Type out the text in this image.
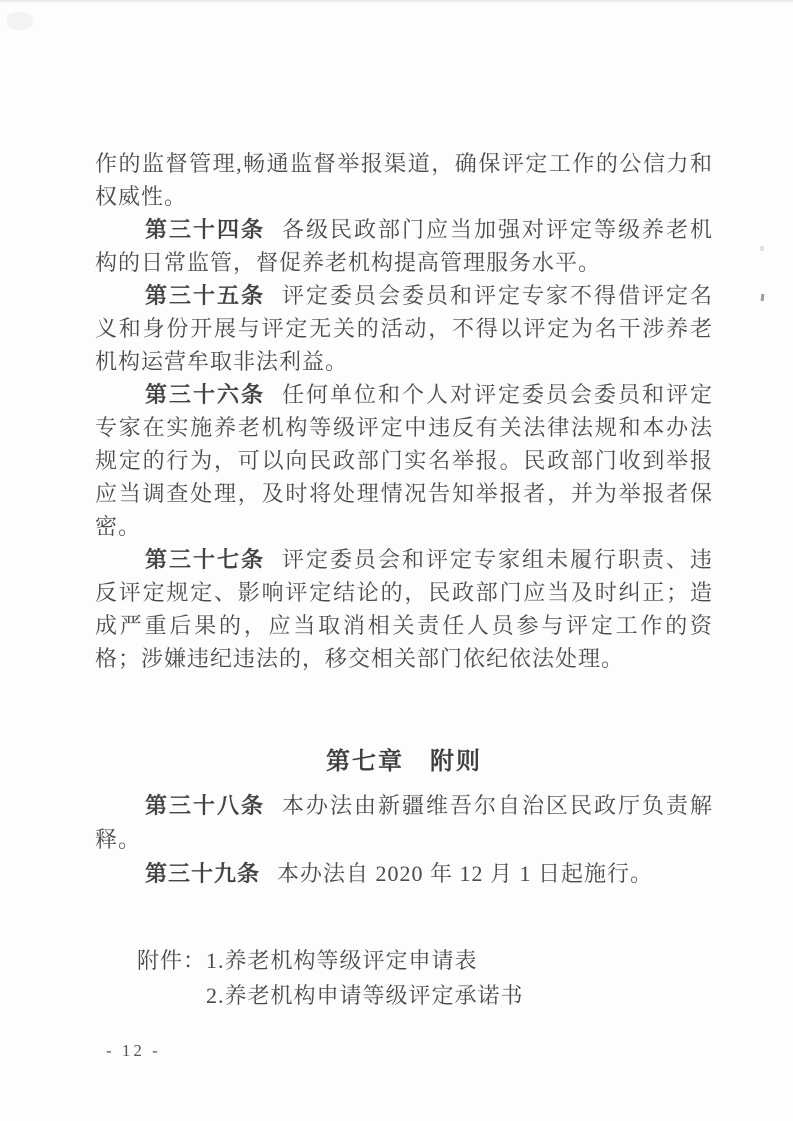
作的监督管理,畅通监督举报渠道，确保评定工作的公信力和权威性。

第三十四条 各级民政部门应当加强对评定等级养老机构的日常监管，督促养老机构提高管理服务水平。

第三十五条 评定委员会委员和评定专家不得借评定名义和身份开展与评定无关的活动，不得以评定为名干涉养老机构运营牟取非法利益。

第三十六条 任何单位和个人对评定委员会委员和评定专家在实施养老机构等级评定中违反有关法律法规和本办法规定的行为，可以向民政部门实名举报。民政部门收到举报应当调查处理，及时将处理情况告知举报者，并为举报者保密。

第三十七条 评定委员会和评定专家组未履行职责、违反评定规定、影响评定结论的，民政部门应当及时纠正；造成严重后果的，应当取消相关责任人员参与评定工作的资格；涉嫌违纪违法的，移交相关部门依纪依法处理。

第七章　附则

第三十八条 本办法由新疆维吾尔自治区民政厅负责解释。

第三十九条 本办法自 2020 年 12 月 1 日起施行。

附件： 1.养老机构等级评定申请表
2.养老机构申请等级评定承诺书
- 12 -
